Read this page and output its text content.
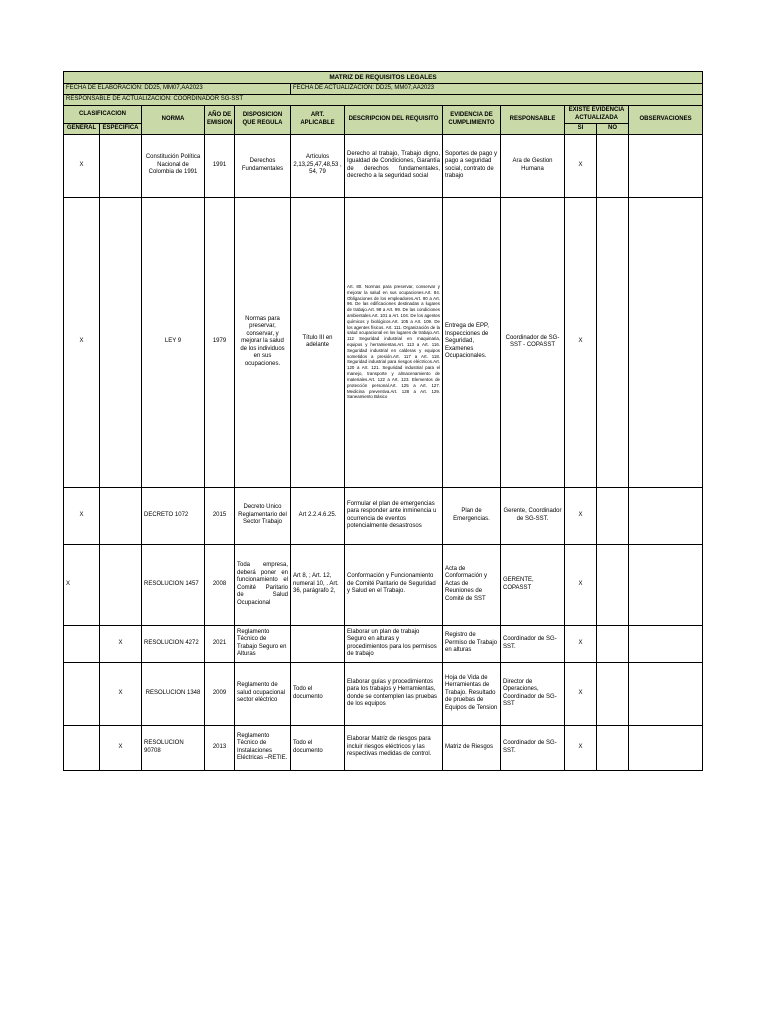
MATRIZ DE REQUISITOS LEGALES											
FECHA DE ELABORACION: DD25, MM07,AA2023					FECHA DE ACTUALIZACION: DD25, MM07,AA2023						
RESPONSABLE DE ACTUALIZACION: COORDINADOR SG-SST											
CLASIFICACION		NORMA	AÑO DE EMISION	DISPOSICION QUE REGULA	ART. APLICABLE	DESCRIPCION DEL REQUISITO	EVIDENCIA DE CUMPLIMIENTO	RESPONSABLE	EXISTE EVIDENCIA ACTUALIZADA		OBSERVACIONES
GENERAL	ESPECIFICA								SI	NO	
X		Constitución Política Nacional de Colombia de 1991	1991	Derechos Fundamentales	Artículos 2,13,25,47,48,53 , 54, 79	Derecho al trabajo, Trabajo digno, Igualdad de Condiciones, Garantía de derechos fundamentales, decrecho a la seguridad social	Soportes de pago y pago a seguridad social, contrato de trabajo	Ara de Gestion Humana	X		
X		LEY 9	1979	Normas para preservar, conservar, y mejorar la salud de los individuos en sus ocupaciones.	Título III en adelante	Art. 80. Normas para preservar, conservar y mejorar la salud en sus ocupaciones.Art. 84. Obligaciones de los empleadores.Art. 90 a Art. 96. De las edificaciones destinadas a lugares de trabajo.Art. 98 a Art. 99. De las condiciones ambientales.Art. 101 a Art. 104. De los agentes químicos y biológicos.Art. 105 a Art. 109. De los agentes físicos. Art. 111. Organización de la salud ocupacional en los lugares de trabajo.Art. 112 Seguridad industrial en maquinaria, equipos y herramientas.Art. 113 a Art. 116. Seguridad industrial en calderas y equipos sometidos a presión.Art. 117 a Art. 118. Seguridad industrial para riesgos eléctricos.Art. 120 a Art. 121. Seguridad industrial para el manejo, transporte y almacenamiento de materiales.Art. 122 a Art. 123. Elementos de protección personal.Art. 125 a Art. 127. Medicina preventiva.Art. 128 a Art. 129. Saneamiento Básico	Entrega de EPP, Inspecciones de Seguridad, Examenes Ocupacionales.	Coordinador de SG-SST - COPASST	X		
X		DECRETO 1072	2015	Decreto Unico Reglamentario del Sector Trabajo	Art 2.2.4.6.25.	Formular el plan de emergencias para responder ante inminencia u ocurrencia de eventos potencialmente desastrosos	Plan de Emergencias.	Gerente, Coordinador de SG-SST.	X		
X		RESOLUCION 1457	2008	Toda empresa, deberá poner en funcionamiento el Comité Paritario de Salud Ocupacional	Art 8, ; Art. 12, numeral 10, . Art. 36, parágrafo 2,	Conformación y Funcionamiento de Comité Paritario de Seguridad y Salud en el Trabajo.	Acta de Conformación y Actas de Reuniones de Comité de SST	GERENTE, COPASST	X		
	X	RESOLUCION 4272	2021	Reglamento Técnico de Trabajo Seguro en Alturas		Elaborar un plan de trabajo Seguro en alturas y procedimientos para los permisos de trabajo	Registro de Permiso de Trabajo en alturas	Coordinador de SG-SST.	X		
	X	RESOLUCION 1348	2009	Reglamento de salud ocupacional sector eléctrico	Todo el documento	Elaborar guías y procedimientos para los trabajos y Herramientas, donde se contemplen las pruebas de los equipos	Hoja de Vida de Herramientas de Trabajo. Resultado de pruebas de Equipos de Tension	Director de Operaciones, Coordinador de SG-SST	X		
	X	RESOLUCION 90708	2013	Reglamento Técnico de Instalaciones Eléctricas –RETIE.	Todo el documento	Elaborar Matriz de riesgos para incluir riesgos eléctricos y las respectivas medidas de control.	Matriz de Riesgos	Coordinador de SG-SST.	X		
